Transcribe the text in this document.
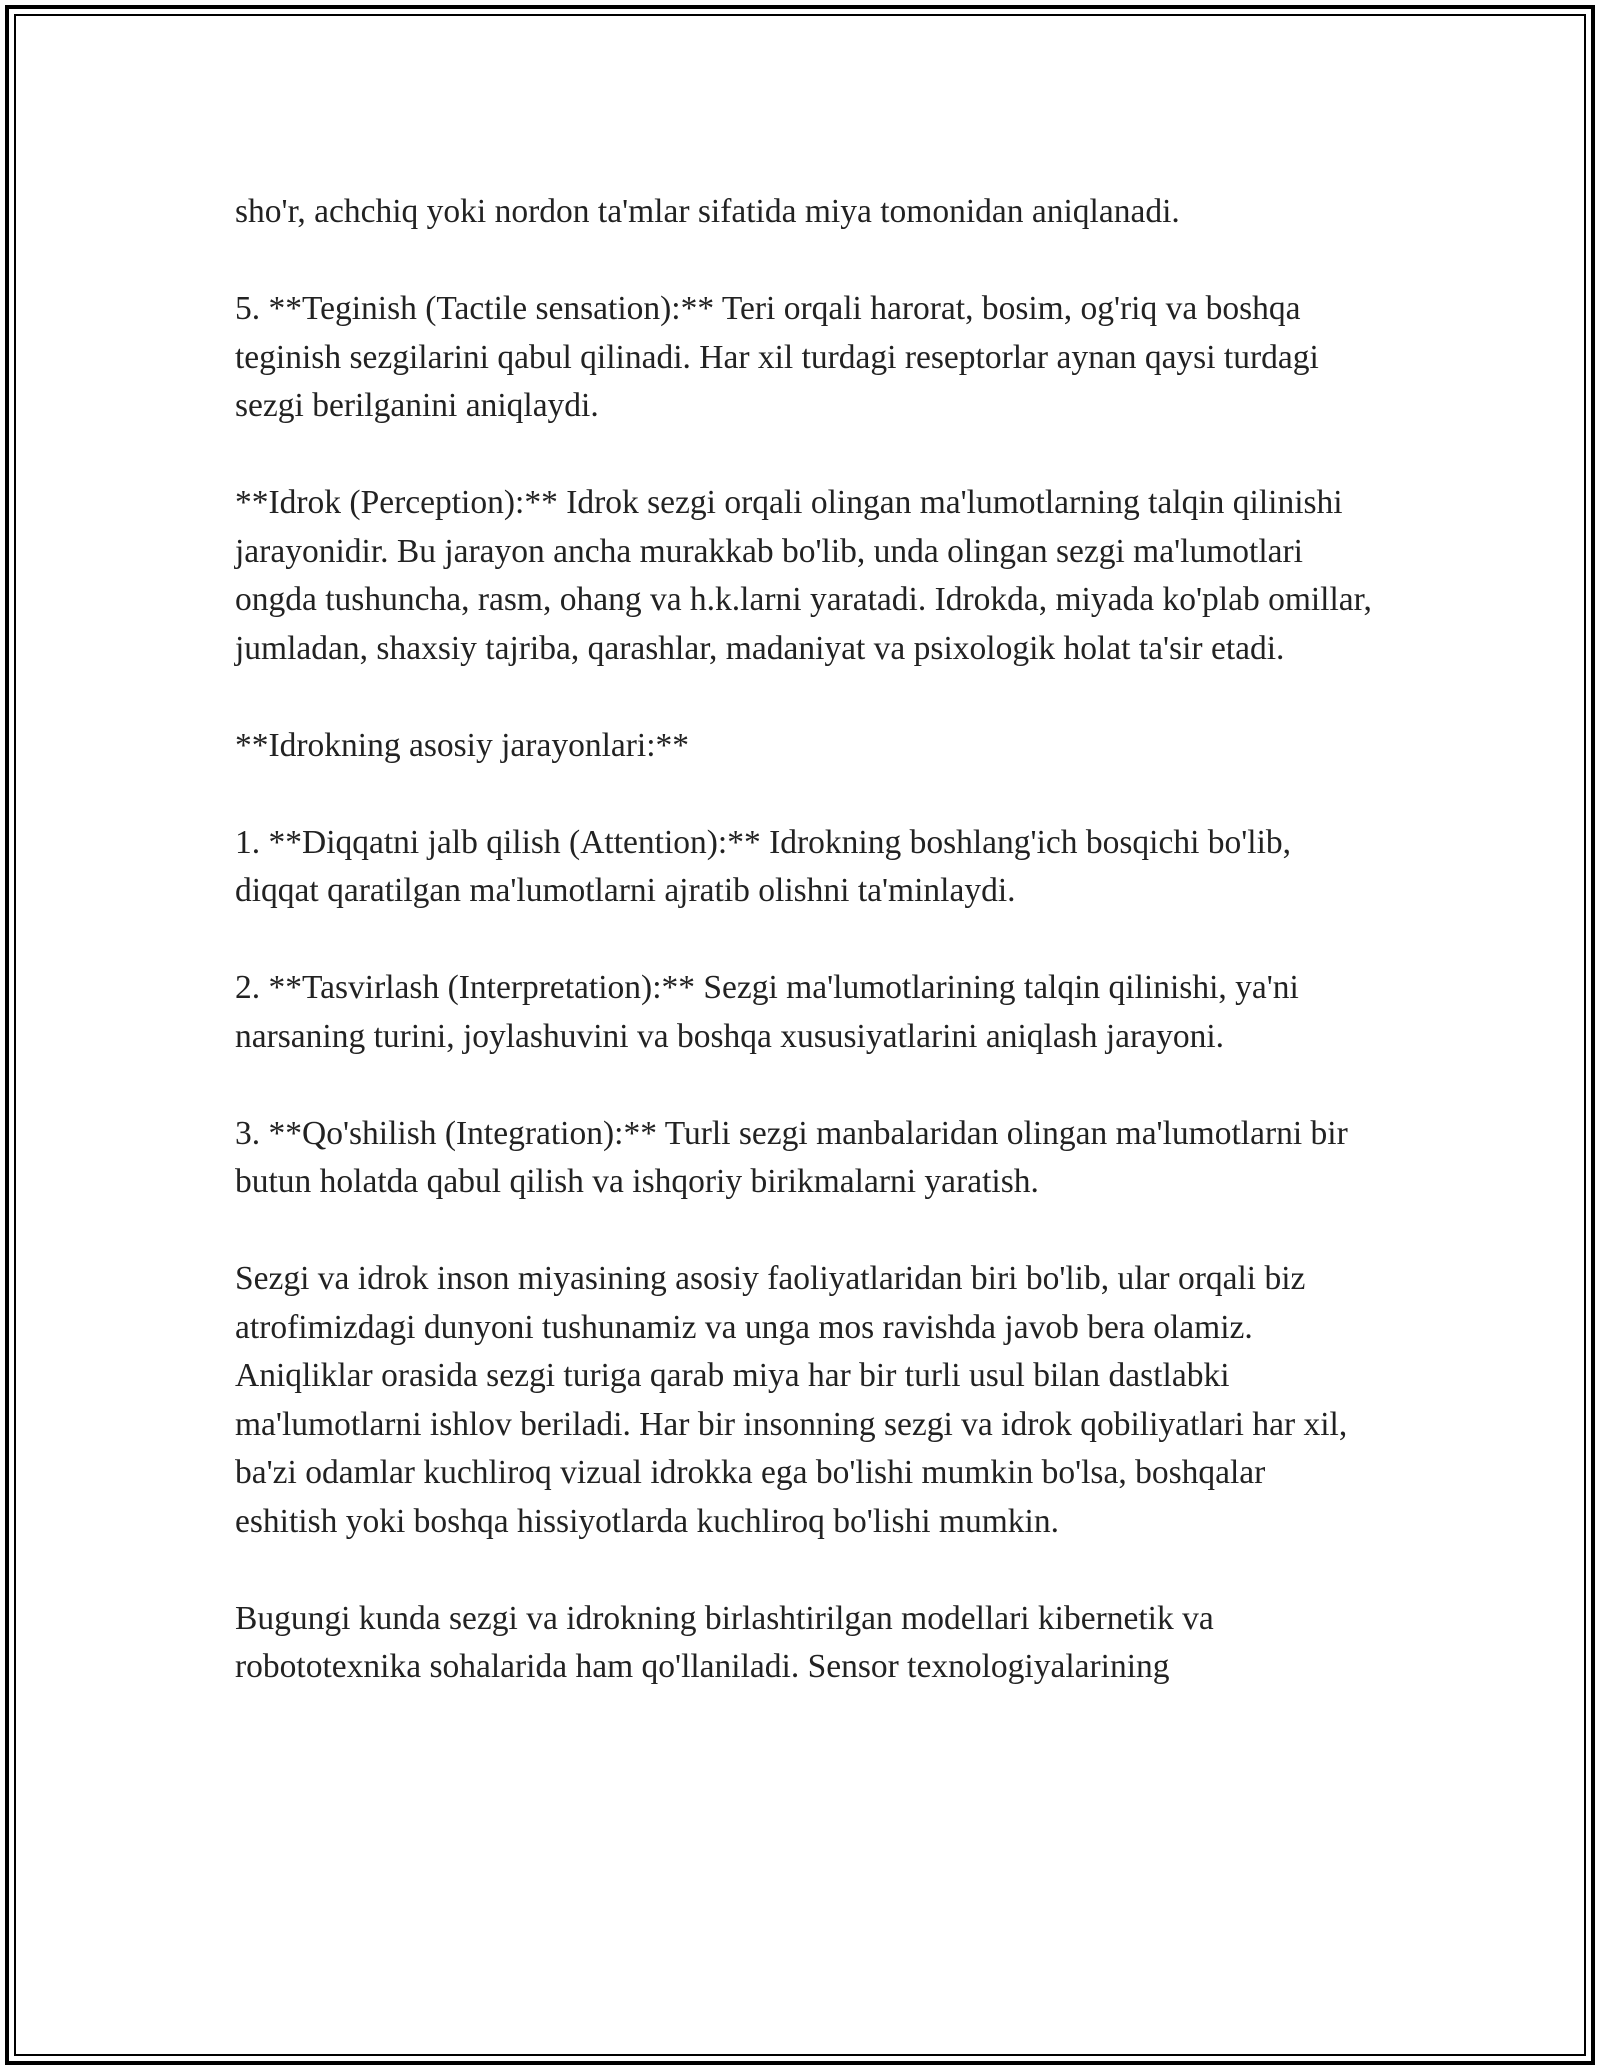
sho'r, achchiq yoki nordon ta'mlar sifatida miya tomonidan aniqlanadi.

5. **Teginish (Tactile sensation):** Teri orqali harorat, bosim, og'riq va boshqa teginish sezgilarini qabul qilinadi. Har xil turdagi reseptorlar aynan qaysi turdagi sezgi berilganini aniqlaydi.

**Idrok (Perception):** Idrok sezgi orqali olingan ma'lumotlarning talqin qilinishi jarayonidir. Bu jarayon ancha murakkab bo'lib, unda olingan sezgi ma'lumotlari ongda tushuncha, rasm, ohang va h.k.larni yaratadi. Idrokda, miyada ko'plab omillar, jumladan, shaxsiy tajriba, qarashlar, madaniyat va psixologik holat ta'sir etadi.

**Idrokning asosiy jarayonlari:**

1. **Diqqatni jalb qilish (Attention):** Idrokning boshlang'ich bosqichi bo'lib, diqqat qaratilgan ma'lumotlarni ajratib olishni ta'minlaydi.

2. **Tasvirlash (Interpretation):** Sezgi ma'lumotlarining talqin qilinishi, ya'ni narsaning turini, joylashuvini va boshqa xususiyatlarini aniqlash jarayoni.

3. **Qo'shilish (Integration):** Turli sezgi manbalaridan olingan ma'lumotlarni bir butun holatda qabul qilish va ishqoriy birikmalarni yaratish.

Sezgi va idrok inson miyasining asosiy faoliyatlaridan biri bo'lib, ular orqali biz atrofimizdagi dunyoni tushunamiz va unga mos ravishda javob bera olamiz. Aniqliklar orasida sezgi turiga qarab miya har bir turli usul bilan dastlabki ma'lumotlarni ishlov beriladi. Har bir insonning sezgi va idrok qobiliyatlari har xil, ba'zi odamlar kuchliroq vizual idrokka ega bo'lishi mumkin bo'lsa, boshqalar eshitish yoki boshqa hissiyotlarda kuchliroq bo'lishi mumkin.

Bugungi kunda sezgi va idrokning birlashtirilgan modellari kibernetik va robototexnika sohalarida ham qo'llaniladi. Sensor texnologiyalarining
